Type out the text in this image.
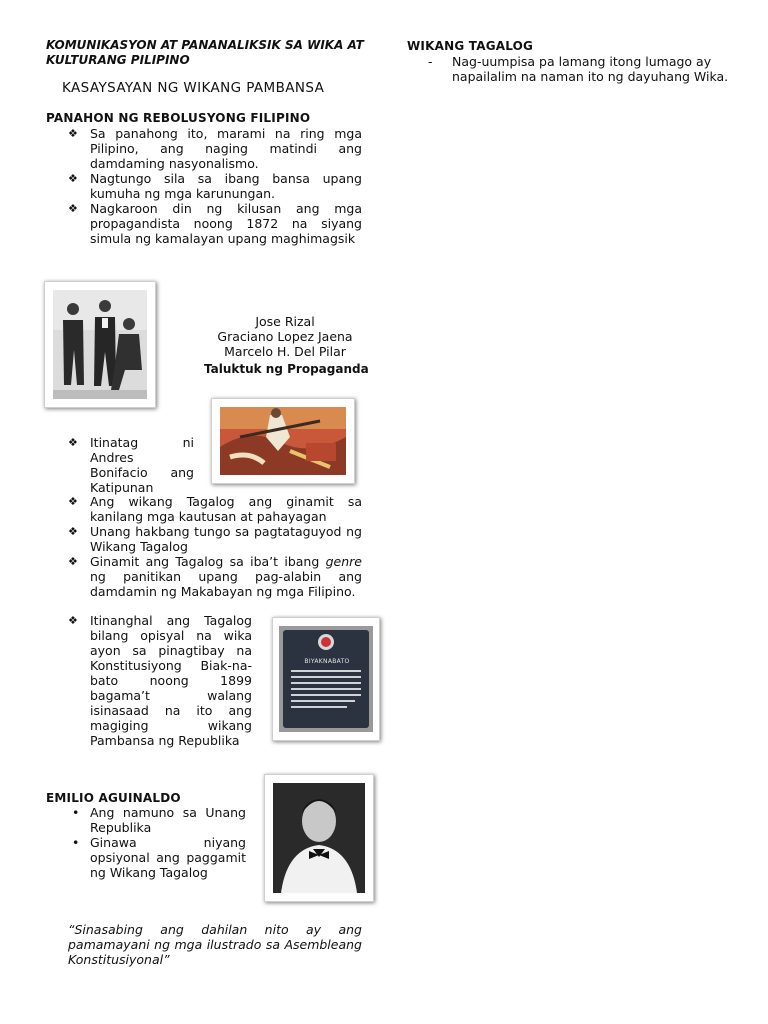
KOMUNIKASYON AT PANANALIKSIK SA WIKA AT KULTURANG PILIPINO
KASAYSAYAN NG WIKANG PAMBANSA
PANAHON NG REBOLUSYONG FILIPINO
❖ Sa panahong ito, marami na ring mga Pilipino, ang naging matindi ang damdaming nasyonalismo.
❖ Nagtungo sila sa ibang bansa upang kumuha ng mga karunungan.
❖ Nagkaroon din ng kilusan ang mga propagandista noong 1872 na siyang simula ng kamalayan upang maghimagsik
Jose Rizal
Graciano Lopez Jaena
Marcelo H. Del Pilar
Taluktuk ng Propaganda
❖ Itinatag ni Andres Bonifacio ang Katipunan
❖ Ang wikang Tagalog ang ginamit sa kanilang mga kautusan at pahayagan
❖ Unang hakbang tungo sa pagtataguyod ng Wikang Tagalog
❖ Ginamit ang Tagalog sa iba’t ibang genre ng panitikan upang pag-alabin ang damdamin ng Makabayan ng mga Filipino.
❖ Itinanghal ang Tagalog bilang opisyal na wika ayon sa pinagtibay na Konstitusiyong Biak-na-bato noong 1899 bagama’t walang isinasaad na ito ang magiging wikang Pambansa ng Republika
BIYAKNABATO
EMILIO AGUINALDO
• Ang namuno sa Unang Republika
• Ginawa niyang opsiyonal ang paggamit ng Wikang Tagalog
“Sinasabing ang dahilan nito ay ang pamamayani ng mga ilustrado sa Asembleang Konstitusiyonal”
WIKANG TAGALOG
- Nag-uumpisa pa lamang itong lumago ay napailalim na naman ito ng dayuhang Wika.
